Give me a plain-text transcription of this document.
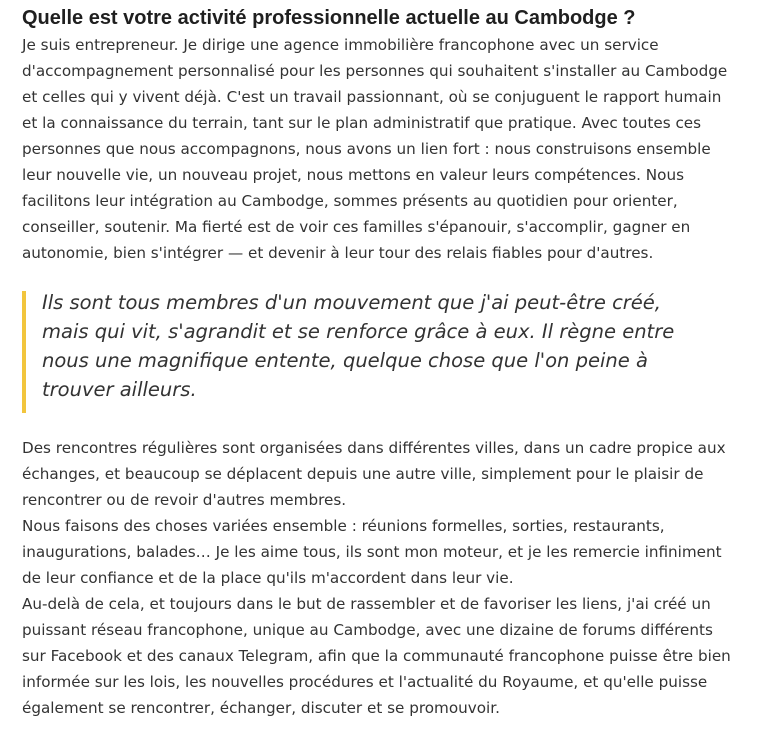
Quelle est votre activité professionnelle actuelle au Cambodge ?

Je suis entrepreneur. Je dirige une agence immobilière francophone avec un service d'accompagnement personnalisé pour les personnes qui souhaitent s'installer au Cambodge et celles qui y vivent déjà. C'est un travail passionnant, où se conjuguent le rapport humain et la connaissance du terrain, tant sur le plan administratif que pratique. Avec toutes ces personnes que nous accompagnons, nous avons un lien fort : nous construisons ensemble leur nouvelle vie, un nouveau projet, nous mettons en valeur leurs compétences. Nous facilitons leur intégration au Cambodge, sommes présents au quotidien pour orienter, conseiller, soutenir. Ma fierté est de voir ces familles s'épanouir, s'accomplir, gagner en autonomie, bien s'intégrer — et devenir à leur tour des relais fiables pour d'autres.

Ils sont tous membres d'un mouvement que j'ai peut-être créé, mais qui vit, s'agrandit et se renforce grâce à eux. Il règne entre nous une magnifique entente, quelque chose que l'on peine à trouver ailleurs.

Des rencontres régulières sont organisées dans différentes villes, dans un cadre propice aux échanges, et beaucoup se déplacent depuis une autre ville, simplement pour le plaisir de rencontrer ou de revoir d'autres membres.

Nous faisons des choses variées ensemble : réunions formelles, sorties, restaurants, inaugurations, balades… Je les aime tous, ils sont mon moteur, et je les remercie infiniment de leur confiance et de la place qu'ils m'accordent dans leur vie.

Au-delà de cela, et toujours dans le but de rassembler et de favoriser les liens, j'ai créé un puissant réseau francophone, unique au Cambodge, avec une dizaine de forums différents sur Facebook et des canaux Telegram, afin que la communauté francophone puisse être bien informée sur les lois, les nouvelles procédures et l'actualité du Royaume, et qu'elle puisse également se rencontrer, échanger, discuter et se promouvoir.
